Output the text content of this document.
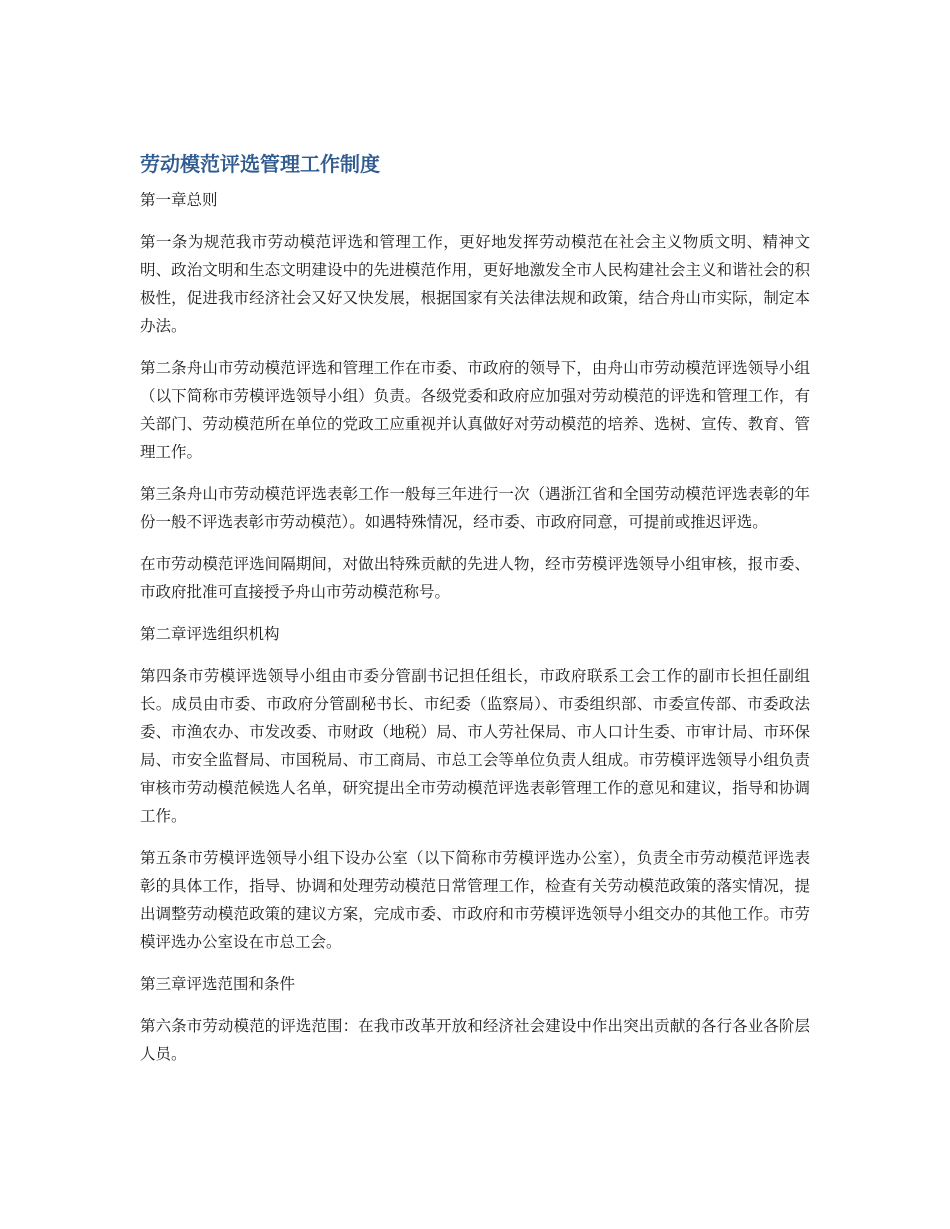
劳动模范评选管理工作制度
第一章总则

第一条为规范我市劳动模范评选和管理工作，更好地发挥劳动模范在社会主义物质文明、精神文明、政治文明和生态文明建设中的先进模范作用，更好地激发全市人民构建社会主义和谐社会的积极性，促进我市经济社会又好又快发展，根据国家有关法律法规和政策，结合舟山市实际，制定本办法。

第二条舟山市劳动模范评选和管理工作在市委、市政府的领导下，由舟山市劳动模范评选领导小组（以下简称市劳模评选领导小组）负责。各级党委和政府应加强对劳动模范的评选和管理工作，有关部门、劳动模范所在单位的党政工应重视并认真做好对劳动模范的培养、选树、宣传、教育、管理工作。

第三条舟山市劳动模范评选表彰工作一般每三年进行一次（遇浙江省和全国劳动模范评选表彰的年份一般不评选表彰市劳动模范）。如遇特殊情况，经市委、市政府同意，可提前或推迟评选。

在市劳动模范评选间隔期间，对做出特殊贡献的先进人物，经市劳模评选领导小组审核，报市委、市政府批准可直接授予舟山市劳动模范称号。

第二章评选组织机构

第四条市劳模评选领导小组由市委分管副书记担任组长，市政府联系工会工作的副市长担任副组长。成员由市委、市政府分管副秘书长、市纪委（监察局）、市委组织部、市委宣传部、市委政法委、市渔农办、市发改委、市财政（地税）局、市人劳社保局、市人口计生委、市审计局、市环保局、市安全监督局、市国税局、市工商局、市总工会等单位负责人组成。市劳模评选领导小组负责审核市劳动模范候选人名单，研究提出全市劳动模范评选表彰管理工作的意见和建议，指导和协调工作。

第五条市劳模评选领导小组下设办公室（以下简称市劳模评选办公室），负责全市劳动模范评选表彰的具体工作，指导、协调和处理劳动模范日常管理工作，检查有关劳动模范政策的落实情况，提出调整劳动模范政策的建议方案，完成市委、市政府和市劳模评选领导小组交办的其他工作。市劳模评选办公室设在市总工会。

第三章评选范围和条件

第六条市劳动模范的评选范围：在我市改革开放和经济社会建设中作出突出贡献的各行各业各阶层人员。
